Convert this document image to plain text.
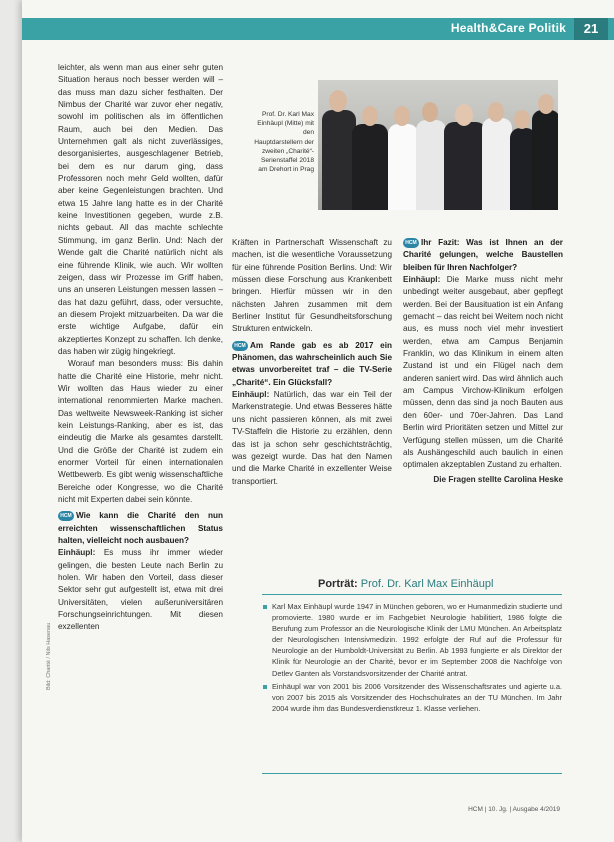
Health&Care Politik	21

leichter, als wenn man aus einer sehr guten Situation heraus noch besser werden will – das muss man dazu sicher festhalten. Der Nimbus der Charité war zuvor eher negativ, sowohl im politischen als im öffentlichen Raum, auch bei den Medien. Das Unternehmen galt als nicht zuverlässiges, desorganisiertes, ausgeschlagener Betrieb, bei dem es nur darum ging, dass Professoren noch mehr Geld wollten, dafür aber keine Gegenleistungen brachten. Und etwa 15 Jahre lang hatte es in der Charité keine Investitionen gegeben, wurde z.B. nichts gebaut. All das machte schlechte Stimmung, im ganz Berlin. Und: Nach der Wende galt die Charité natürlich nicht als eine führende Klinik, wie auch. Wir wollten zeigen, dass wir Prozesse im Griff haben, uns an unseren Leistungen messen lassen – das hat dazu geführt, dass, oder versuchte, an diesem Projekt mitzuarbeiten. Da war die erste wichtige Aufgabe, dafür ein akzeptiertes Konzept zu schaffen. Ich denke, das haben wir zügig hingekriegt.

Worauf man besonders muss: Bis dahin hatte die Charité eine Historie, mehr nicht. Wir wollten das Haus wieder zu einer international renommierten Marke machen. Das weltweite Newsweek-Ranking ist sicher kein Leistungs-Ranking, aber es ist, das eindeutig die Marke als gesamtes darstellt. Und die Größe der Charité ist zudem ein enormer Vorteil für einen internationalen Wettbewerb. Es gibt wenig wissenschaftliche Bereiche oder Kongresse, wo die Charité nicht mit Experten dabei sein könnte.

HCM Wie kann die Charité den nun erreichten wissenschaftlichen Status halten, vielleicht noch ausbauen?

Einhäupl: Es muss ihr immer wieder gelingen, die besten Leute nach Berlin zu holen. Wir haben den Vorteil, dass dieser Sektor sehr gut aufgestellt ist, etwa mit drei Universitäten, vielen außeruniversitären Forschungseinrichtungen. Mit diesen exzellenten

Prof. Dr. Karl Max Einhäupl (Mitte) mit den Hauptdarstellern der zweiten „Charité“-Serienstaffel 2018 am Drehort in Prag

Kräften in Partnerschaft Wissenschaft zu machen, ist die wesentliche Voraussetzung für eine führende Position Berlins. Und: Wir müssen diese Forschung aus Krankenbett bringen. Hierfür müssen wir in den nächsten Jahren zusammen mit dem Berliner Institut für Gesundheitsforschung Strukturen entwickeln.

HCM Am Rande gab es ab 2017 ein Phänomen, das wahrscheinlich auch Sie etwas unvorbereitet traf – die TV-Serie „Charité“. Ein Glücksfall?

Einhäupl: Natürlich, das war ein Teil der Markenstrategie. Und etwas Besseres hätte uns nicht passieren können, als mit zwei TV-Staffeln die Historie zu erzählen, denn das ist ja schon sehr geschichtsträchtig, was gezeigt wurde. Das hat den Namen und die Marke Charité in exzellenter Weise transportiert.

HCM Ihr Fazit: Was ist Ihnen an der Charité gelungen, welche Baustellen bleiben für Ihren Nachfolger?

Einhäupl: Die Marke muss nicht mehr unbedingt weiter ausgebaut, aber gepflegt werden. Bei der Bausituation ist ein Anfang gemacht – das reicht bei Weitem noch nicht aus, es muss noch viel mehr investiert werden, etwa am Campus Benjamin Franklin, wo das Klinikum in einem alten Zustand ist und ein Flügel nach dem anderen saniert wird. Das wird ähnlich auch am Campus Virchow-Klinikum erfolgen müssen, denn das sind ja noch Bauten aus den 60er- und 70er-Jahren. Das Land Berlin wird Prioritäten setzen und Mittel zur Verfügung stellen müssen, um die Charité als Aushängeschild auch baulich in einen optimalen akzeptablen Zustand zu erhalten.

Die Fragen stellte Carolina Heske

Porträt: Prof. Dr. Karl Max Einhäupl
Karl Max Einhäupl wurde 1947 in München geboren, wo er Humanmedizin studierte und promovierte. 1980 wurde er im Fachgebiet Neurologie habilitiert, 1986 folgte die Berufung zum Professor an die Neurologische Klinik der LMU München. An Arbeitsplatz der Neurologischen Intensivmedizin. 1992 erfolgte der Ruf auf die Professur für Neurologie an der Humboldt-Universität zu Berlin. Ab 1993 fungierte er als Direktor der Klinik für Neurologie an der Charité, bevor er im September 2008 die Nachfolge von Detlev Ganten als Vorstandsvorsitzender der Charité antrat.
Einhäupl war von 2001 bis 2006 Vorsitzender des Wissenschaftsrates und agierte u.a. von 2007 bis 2015 als Vorsitzender des Hochschulrates an der TU München. Im Jahr 2004 wurde ihm das Bundesverdienstkreuz 1. Klasse verliehen.
Bild: Charité / Nils Hasenau
HCM | 10. Jg. | Ausgabe 4/2019
